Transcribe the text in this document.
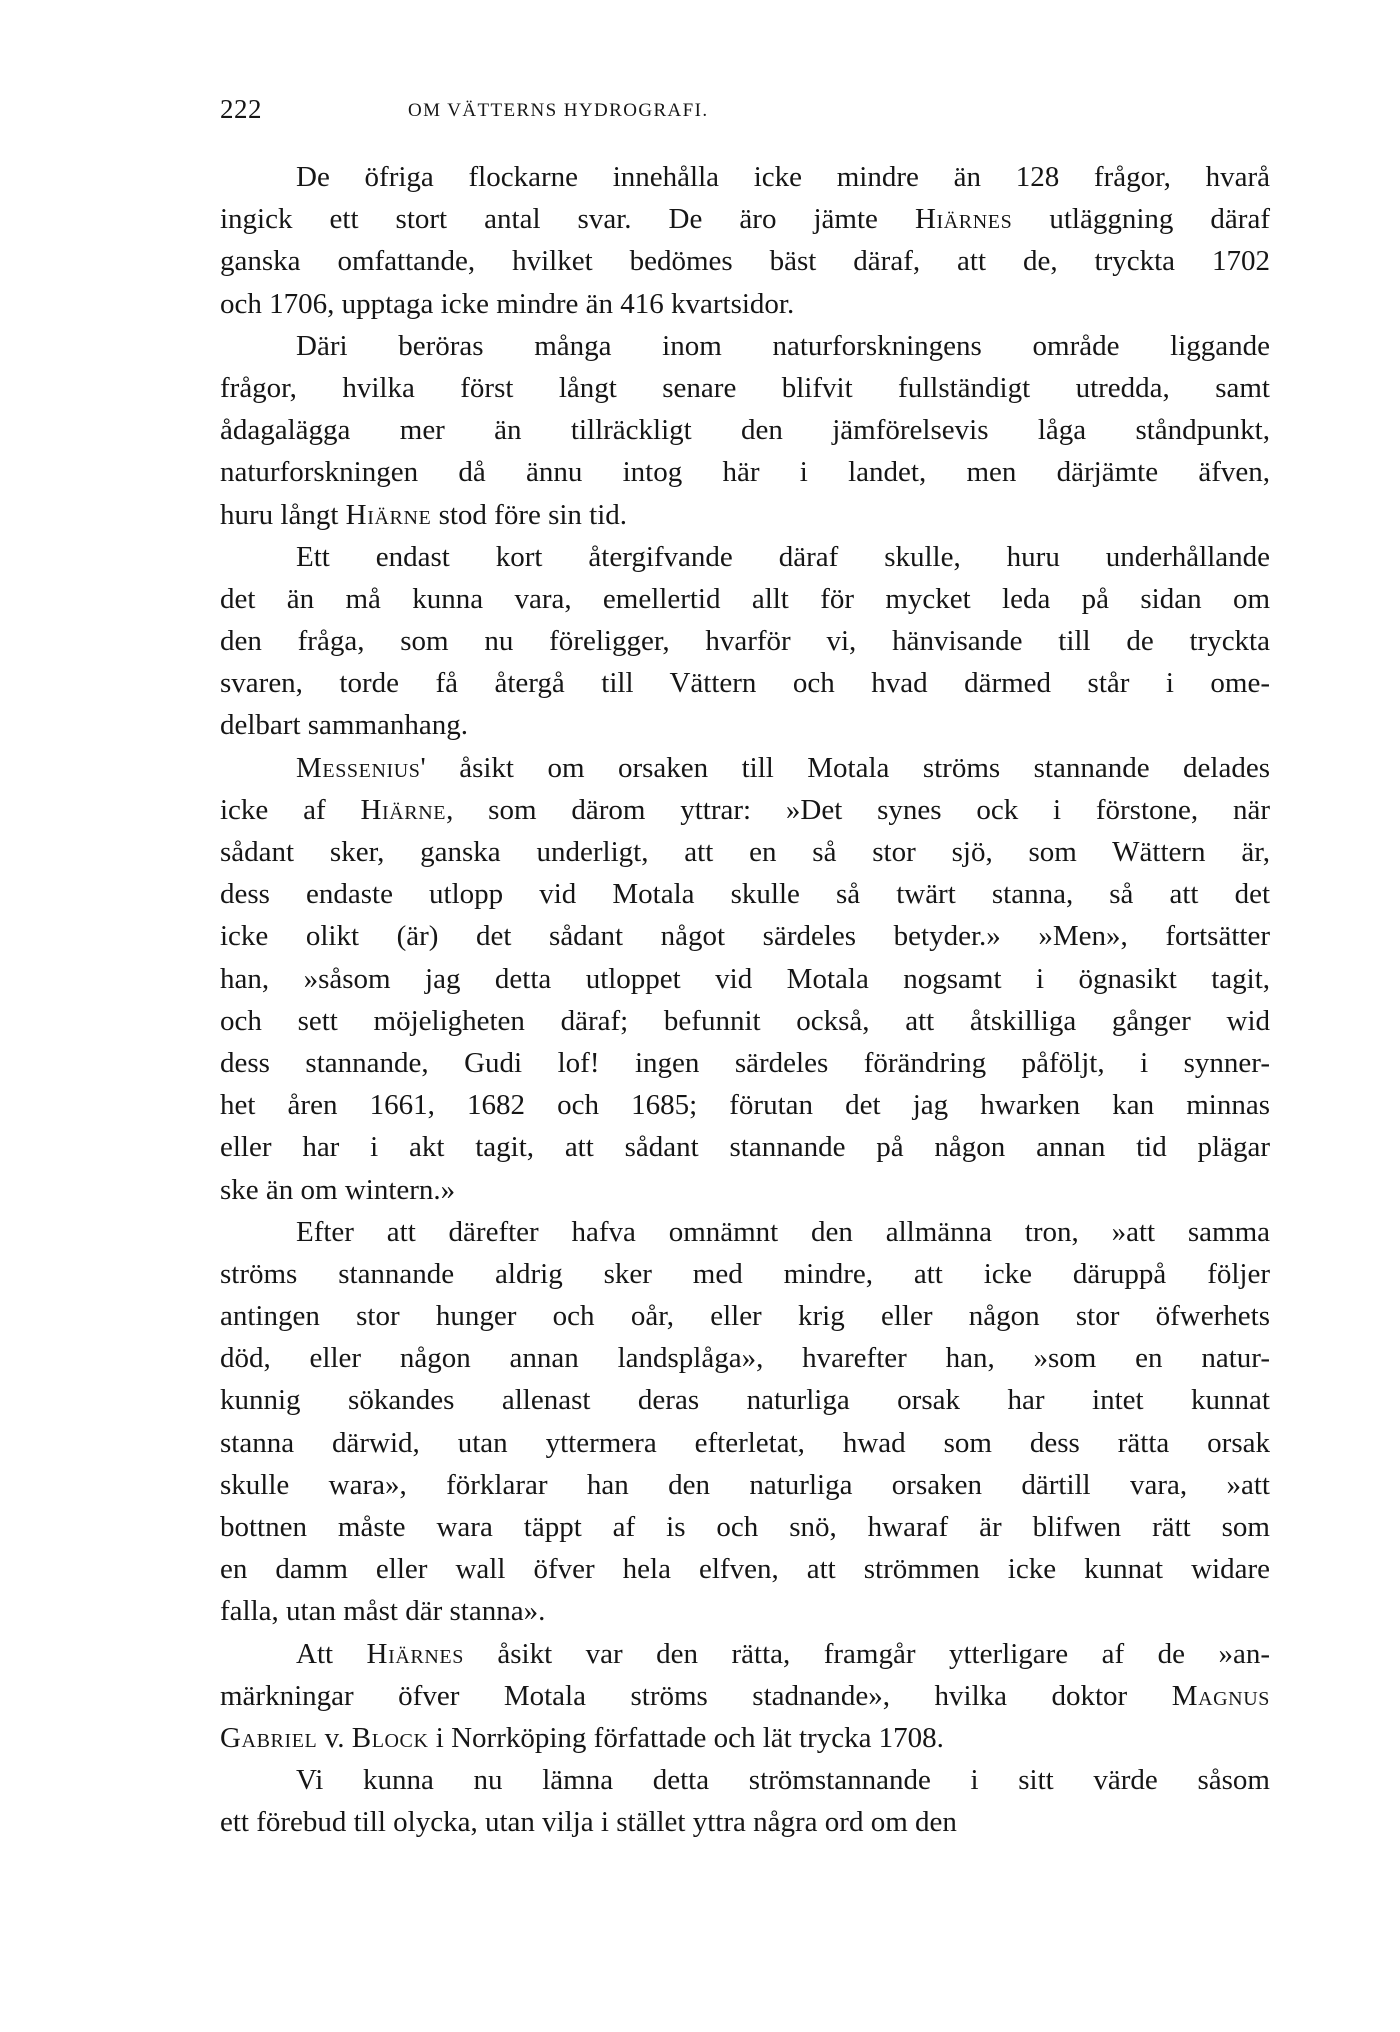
222	OM VÄTTERNS HYDROGRAFI.
De öfriga flockarne innehålla icke mindre än 128 frågor, hvarå
ingick ett stort antal svar. De äro jämte Hiärnes utläggning däraf
ganska omfattande, hvilket bedömes bäst däraf, att de, tryckta 1702
och 1706, upptaga icke mindre än 416 kvartsidor.
Däri beröras många inom naturforskningens område liggande
frågor, hvilka först långt senare blifvit fullständigt utredda, samt
ådagalägga mer än tillräckligt den jämförelsevis låga ståndpunkt,
naturforskningen då ännu intog här i landet, men därjämte äfven,
huru långt Hiärne stod före sin tid.
Ett endast kort återgifvande däraf skulle, huru underhållande
det än må kunna vara, emellertid allt för mycket leda på sidan om
den fråga, som nu föreligger, hvarför vi, hänvisande till de tryckta
svaren, torde få återgå till Vättern och hvad därmed står i ome-
delbart sammanhang.
Messenius' åsikt om orsaken till Motala ströms stannande delades
icke af Hiärne, som därom yttrar: »Det synes ock i förstone, när
sådant sker, ganska underligt, att en så stor sjö, som Wättern är,
dess endaste utlopp vid Motala skulle så twärt stanna, så att det
icke olikt (är) det sådant något särdeles betyder.» »Men», fortsätter
han, »såsom jag detta utloppet vid Motala nogsamt i ögnasikt tagit,
och sett möjeligheten däraf; befunnit också, att åtskilliga gånger wid
dess stannande, Gudi lof! ingen särdeles förändring påföljt, i synner-
het åren 1661, 1682 och 1685; förutan det jag hwarken kan minnas
eller har i akt tagit, att sådant stannande på någon annan tid plägar
ske än om wintern.»
Efter att därefter hafva omnämnt den allmänna tron, »att samma
ströms stannande aldrig sker med mindre, att icke däruppå följer
antingen stor hunger och oår, eller krig eller någon stor öfwerhets
död, eller någon annan landsplåga», hvarefter han, »som en natur-
kunnig sökandes allenast deras naturliga orsak har intet kunnat
stanna därwid, utan yttermera efterletat, hwad som dess rätta orsak
skulle wara», förklarar han den naturliga orsaken därtill vara, »att
bottnen måste wara täppt af is och snö, hwaraf är blifwen rätt som
en damm eller wall öfver hela elfven, att strömmen icke kunnat widare
falla, utan måst där stanna».
Att Hiärnes åsikt var den rätta, framgår ytterligare af de »an-
märkningar öfver Motala ströms stadnande», hvilka doktor Magnus
Gabriel v. Block i Norrköping författade och lät trycka 1708.
Vi kunna nu lämna detta strömstannande i sitt värde såsom
ett förebud till olycka, utan vilja i stället yttra några ord om den
